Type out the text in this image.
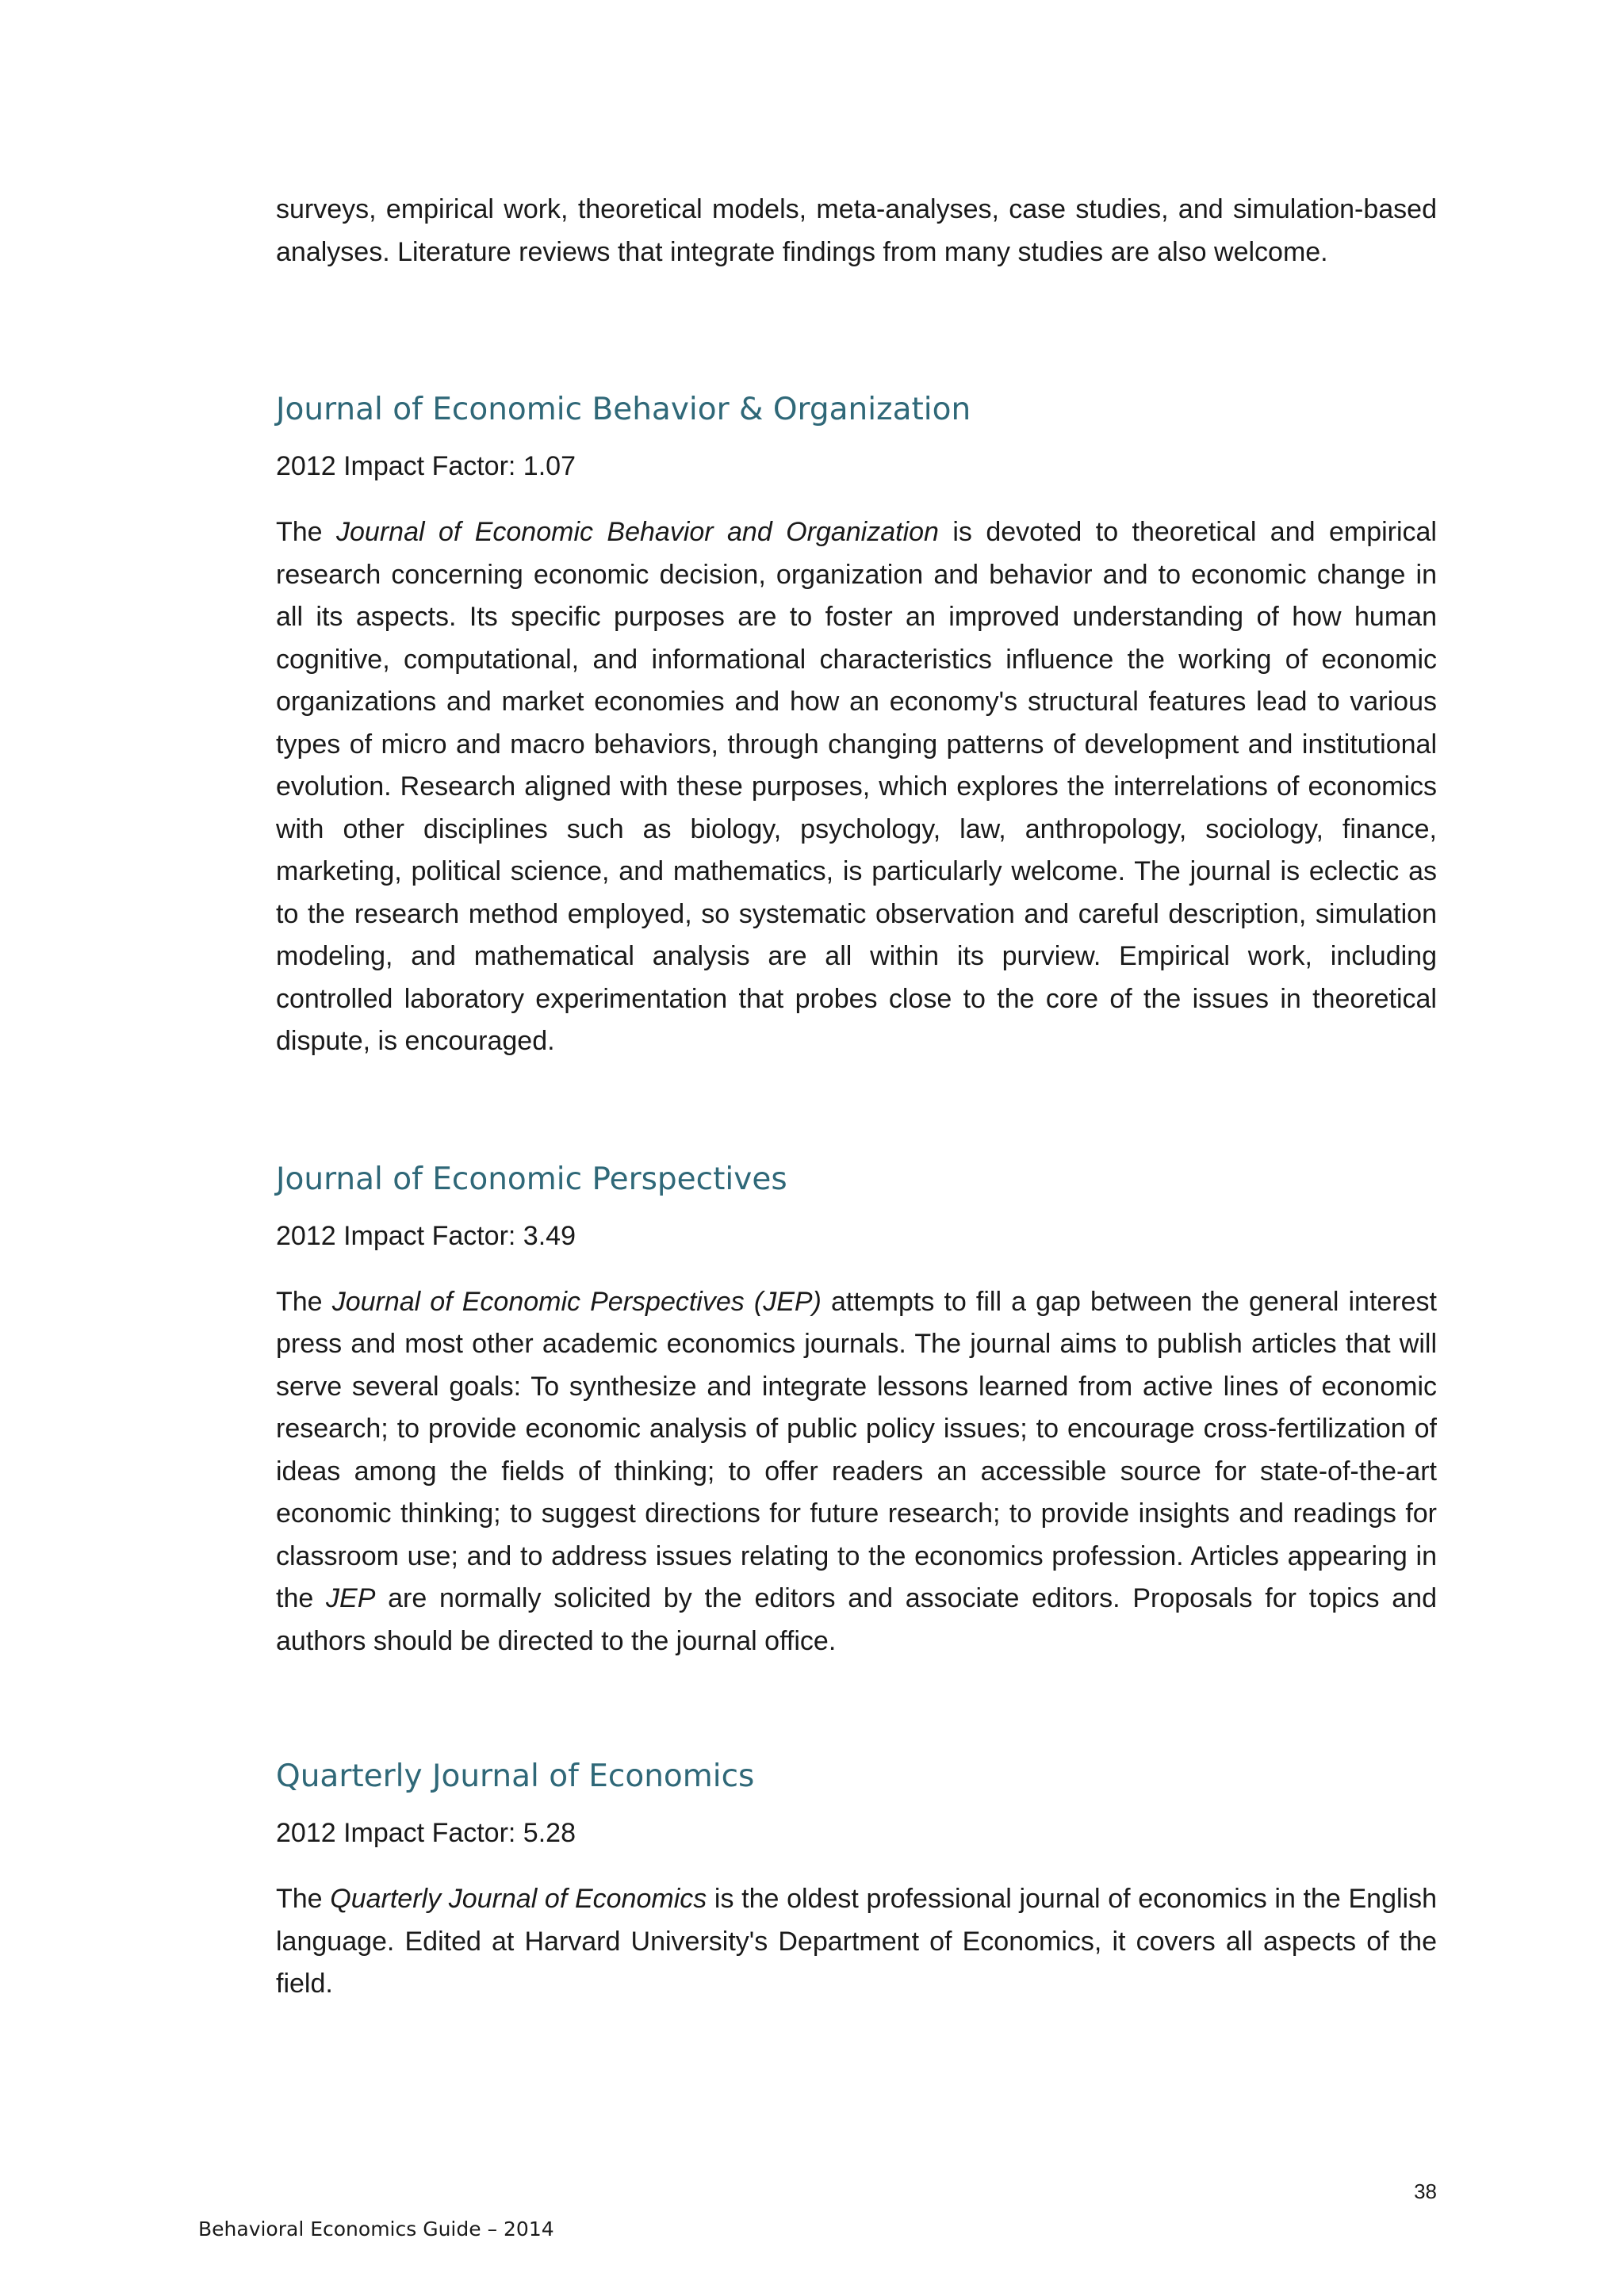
surveys, empirical work, theoretical models, meta-analyses, case studies, and simulation-based analyses. Literature reviews that integrate findings from many studies are also welcome.

Journal of Economic Behavior & Organization

2012 Impact Factor: 1.07

The Journal of Economic Behavior and Organization is devoted to theoretical and empirical research concerning economic decision, organization and behavior and to economic change in all its aspects. Its specific purposes are to foster an improved understanding of how human cognitive, computational, and informational characteristics influence the working of economic organizations and market economies and how an economy's structural features lead to various types of micro and macro behaviors, through changing patterns of development and institutional evolution. Research aligned with these purposes, which explores the interrelations of economics with other disciplines such as biology, psychology, law, anthropology, sociology, finance, marketing, political science, and mathematics, is particularly welcome. The journal is eclectic as to the research method employed, so systematic observation and careful description, simulation modeling, and mathematical analysis are all within its purview. Empirical work, including controlled laboratory experimentation that probes close to the core of the issues in theoretical dispute, is encouraged.

Journal of Economic Perspectives

2012 Impact Factor: 3.49

The Journal of Economic Perspectives (JEP) attempts to fill a gap between the general interest press and most other academic economics journals. The journal aims to publish articles that will serve several goals: To synthesize and integrate lessons learned from active lines of economic research; to provide economic analysis of public policy issues; to encourage cross-fertilization of ideas among the fields of thinking; to offer readers an accessible source for state-of-the-art economic thinking; to suggest directions for future research; to provide insights and readings for classroom use; and to address issues relating to the economics profession. Articles appearing in the JEP are normally solicited by the editors and associate editors. Proposals for topics and authors should be directed to the journal office.

Quarterly Journal of Economics

2012 Impact Factor: 5.28

The Quarterly Journal of Economics is the oldest professional journal of economics in the English language. Edited at Harvard University's Department of Economics, it covers all aspects of the field.

38
Behavioral Economics Guide – 2014
